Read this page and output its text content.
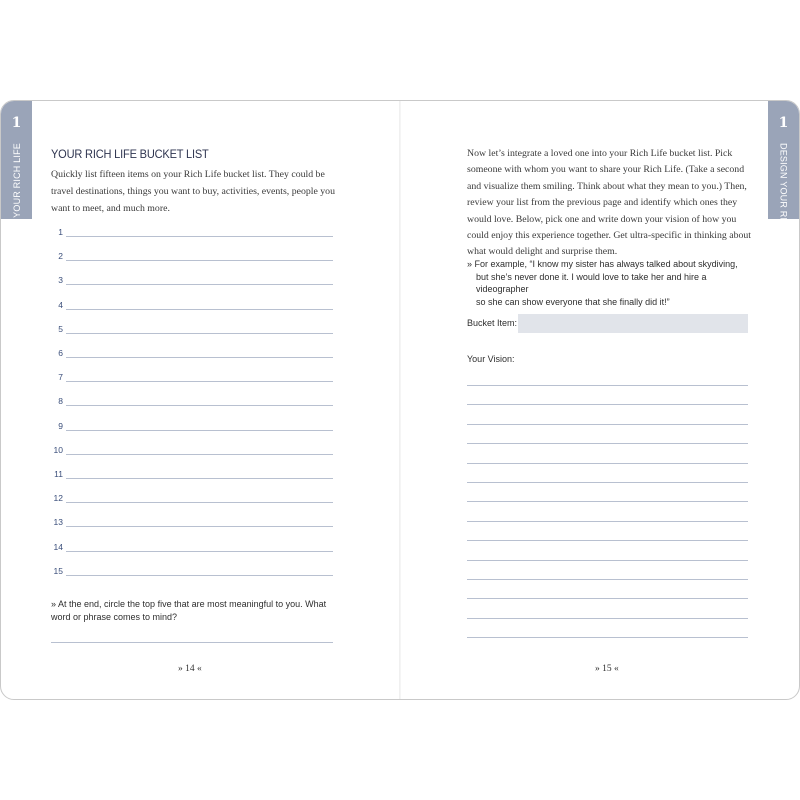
1
DESIGN YOUR RICH LIFE
1
DESIGN YOUR RICH LIFE
YOUR RICH LIFE BUCKET LIST
Quickly list fifteen items on your Rich Life bucket list. They could be travel destinations, things you want to buy, activities, events, people you want to meet, and much more.
1
2
3
4
5
6
7
8
9
10
11
12
13
14
15
» At the end, circle the top five that are most meaningful to you. What word or phrase comes to mind?
» 14 «
Now let’s integrate a loved one into your Rich Life bucket list. Pick someone with whom you want to share your Rich Life. (Take a second and visualize them smiling. Think about what they mean to you.) Then, review your list from the previous page and identify which ones they would love. Below, pick one and write down your vision of how you could enjoy this experience together. Get ultra-specific in thinking about what would delight and surprise them.
» For example, “I know my sister has always talked about skydiving,
but she’s never done it. I would love to take her and hire a videographer
so she can show everyone that she finally did it!”
Bucket Item:
Your Vision:
» 15 «
